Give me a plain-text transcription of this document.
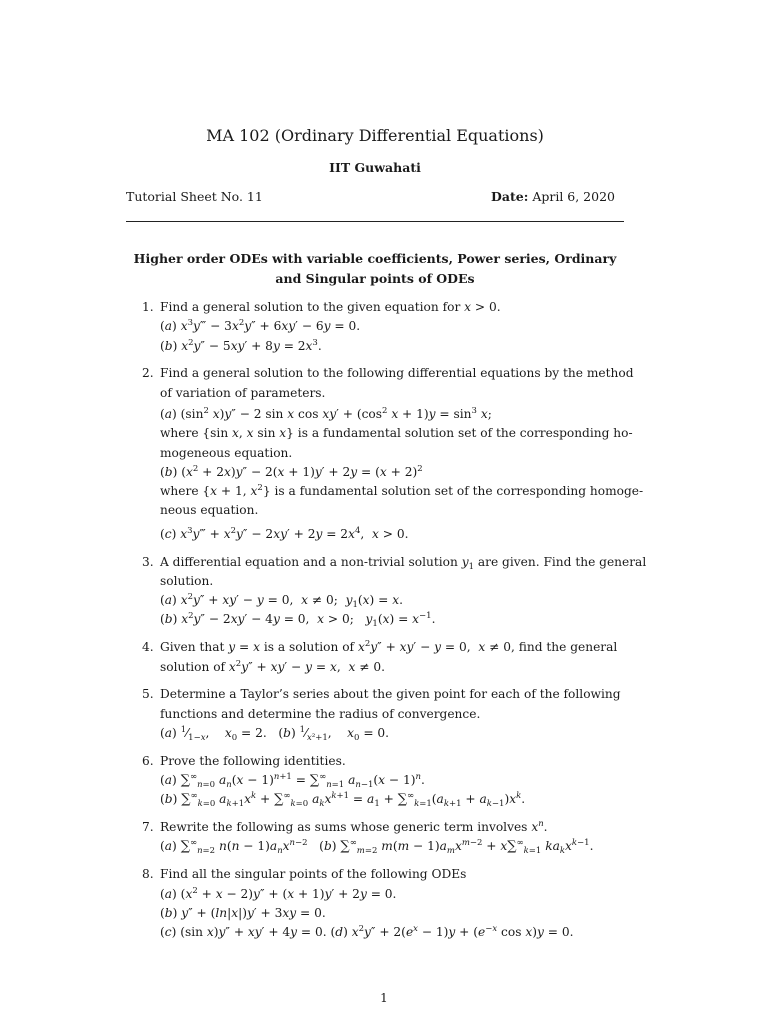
MA 102 (Ordinary Differential Equations)
IIT Guwahati
Tutorial Sheet No. 11	Date: April 6, 2020
Higher order ODEs with variable coefficients, Power series, Ordinary
and Singular points of ODEs
1. Find a general solution to the given equation for x > 0.
(a) $x^3y‴ - 3x^2y'' + 6xy' - 6y = 0$.
(b) $x^2y'' - 5xy' + 8y = 2x^3$.
2. Find a general solution to the following differential equations by the method
of variation of parameters.
(a) ($\sin^2$ x)y″ − 2 sin x $\cos xy' + (\cos^2$ $x + 1)y = \sin^3 x$;
where {sin x, x sin x} is a fundamental solution set of the corresponding ho-
mogeneous equation.
(b) $(x^2 + 2x)y'' - 2(x + 1)y' + 2y = (x + 2)^2$
where {x + 1, $x^2$} is a fundamental solution set of the corresponding homoge-
neous equation.
(c) $x^3y‴ + x^2y'' - 2xy' + 2y = 2x^4$,  x > 0.
3. A differential equation and a non-trivial solution $y_1$ are given. Find the general
solution.
(a) $x^2y'' + xy' - y = 0$,  x ≠ 0;  $y_1(x) = x$.
(b) $x^2y'' - 2xy' - 4y = 0$,  x > 0;   $y_1(x) = x^{-1}$.
4. Given that y = x is a solution of $x^2y'' + xy' - y = 0$,  x ≠ 0, find the general
solution of $x^2y'' + xy' - y = x$,  x ≠ 0.
5. Determine a Taylor’s series about the given point for each of the following
functions and determine the radius of convergence.
(a) $^1⁄_{1-x}$,    $x_0 = 2$.   (b) $^1⁄_{x^2+1}$,    $x_0 = 0$.
6. Prove the following identities.
(a) $\sum^\infty_{n=0}$ $a_n(x - 1)^{n+1} = \sum^\infty_{n=1}$ $a_{n-1}(x - 1)^n$.
(b) $\sum^\infty_{k=0}$ $a_{k+1}x^k + \sum^\infty_{k=0}$ $a_kx^{k+1} = a_1 + \sum^\infty_{k=1}(a_{k+1} + a_{k-1})x^k$.
7. Rewrite the following as sums whose generic term involves $x^n$.
(a) $\sum^\infty_{n=2}$ $n(n - 1)a_nx^{n-2}$   (b) $\sum^\infty_{m=2}$ $m(m - 1)a_mx^{m-2} + x\sum^\infty_{k=1}$ $ka_kx^{k-1}$.
8. Find all the singular points of the following ODEs
(a) $(x^2 + x - 2)y'' + (x + 1)y' + 2y = 0$.
(b) y″ + (ln|x|)y′ + 3xy = 0.
(c) (sin x)y″ + xy′ + 4y = 0. (d) $x^2y'' + 2(e^x - 1)y + (e^{-x}$ cos x)y = 0.
1
